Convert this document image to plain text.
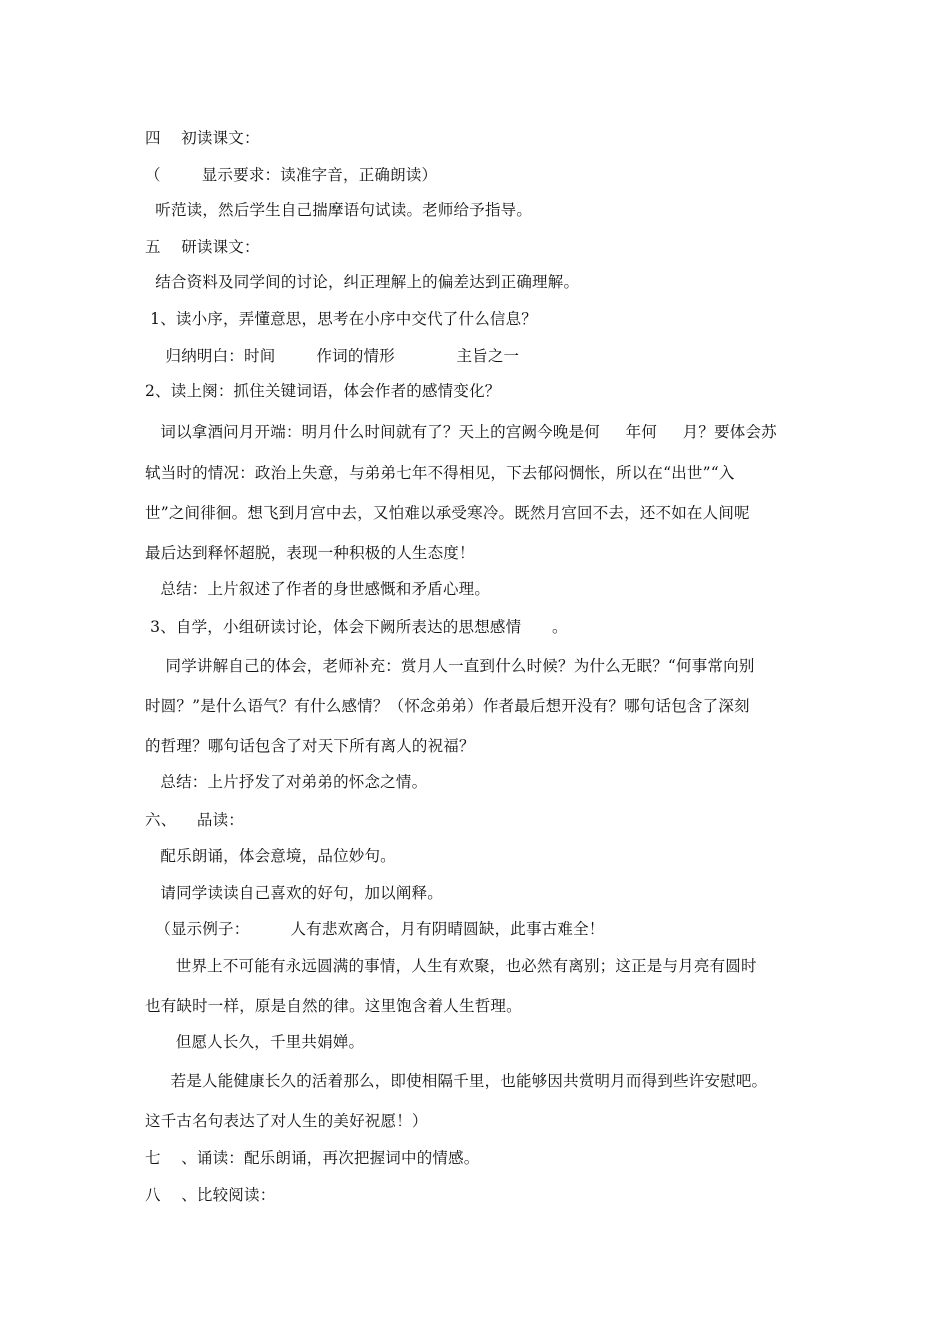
四    初读课文：
（        显示要求：读准字音，正确朗读）
听范读，然后学生自己揣摩语句试读。老师给予指导。
五    研读课文：
结合资料及同学间的讨论，纠正理解上的偏差达到正确理解。
1、读小序，弄懂意思，思考在小序中交代了什么信息？
归纳明白：时间        作词的情形            主旨之一
2、读上阕：抓住关键词语，体会作者的感情变化？
词以拿酒问月开端：明月什么时间就有了？天上的宫阙今晚是何     年何     月？要体会苏
轼当时的情况：政治上失意，与弟弟七年不得相见，下去郁闷惆怅，所以在“出世”“入
世”之间徘徊。想飞到月宫中去，又怕难以承受寒冷。既然月宫回不去，还不如在人间呢
最后达到释怀超脱，表现一种积极的人生态度！
总结：上片叙述了作者的身世感慨和矛盾心理。
3、自学，小组研读讨论，体会下阙所表达的思想感情      。
同学讲解自己的体会，老师补充：赏月人一直到什么时候？为什么无眠？“何事常向别
时圆？”是什么语气？有什么感情？（怀念弟弟）作者最后想开没有？哪句话包含了深刻
的哲理？哪句话包含了对天下所有离人的祝福？
总结：上片抒发了对弟弟的怀念之情。
六、    品读：
配乐朗诵，体会意境，品位妙句。
请同学读读自己喜欢的好句，加以阐释。
（显示例子：        人有悲欢离合，月有阴晴圆缺，此事古难全！
世界上不可能有永远圆满的事情，人生有欢聚，也必然有离别；这正是与月亮有圆时
也有缺时一样，原是自然的律。这里饱含着人生哲理。
但愿人长久，千里共娟婵。
若是人能健康长久的活着那么，即使相隔千里，也能够因共赏明月而得到些许安慰吧。
这千古名句表达了对人生的美好祝愿！）
七    、诵读：配乐朗诵，再次把握词中的情感。
八    、比较阅读：
